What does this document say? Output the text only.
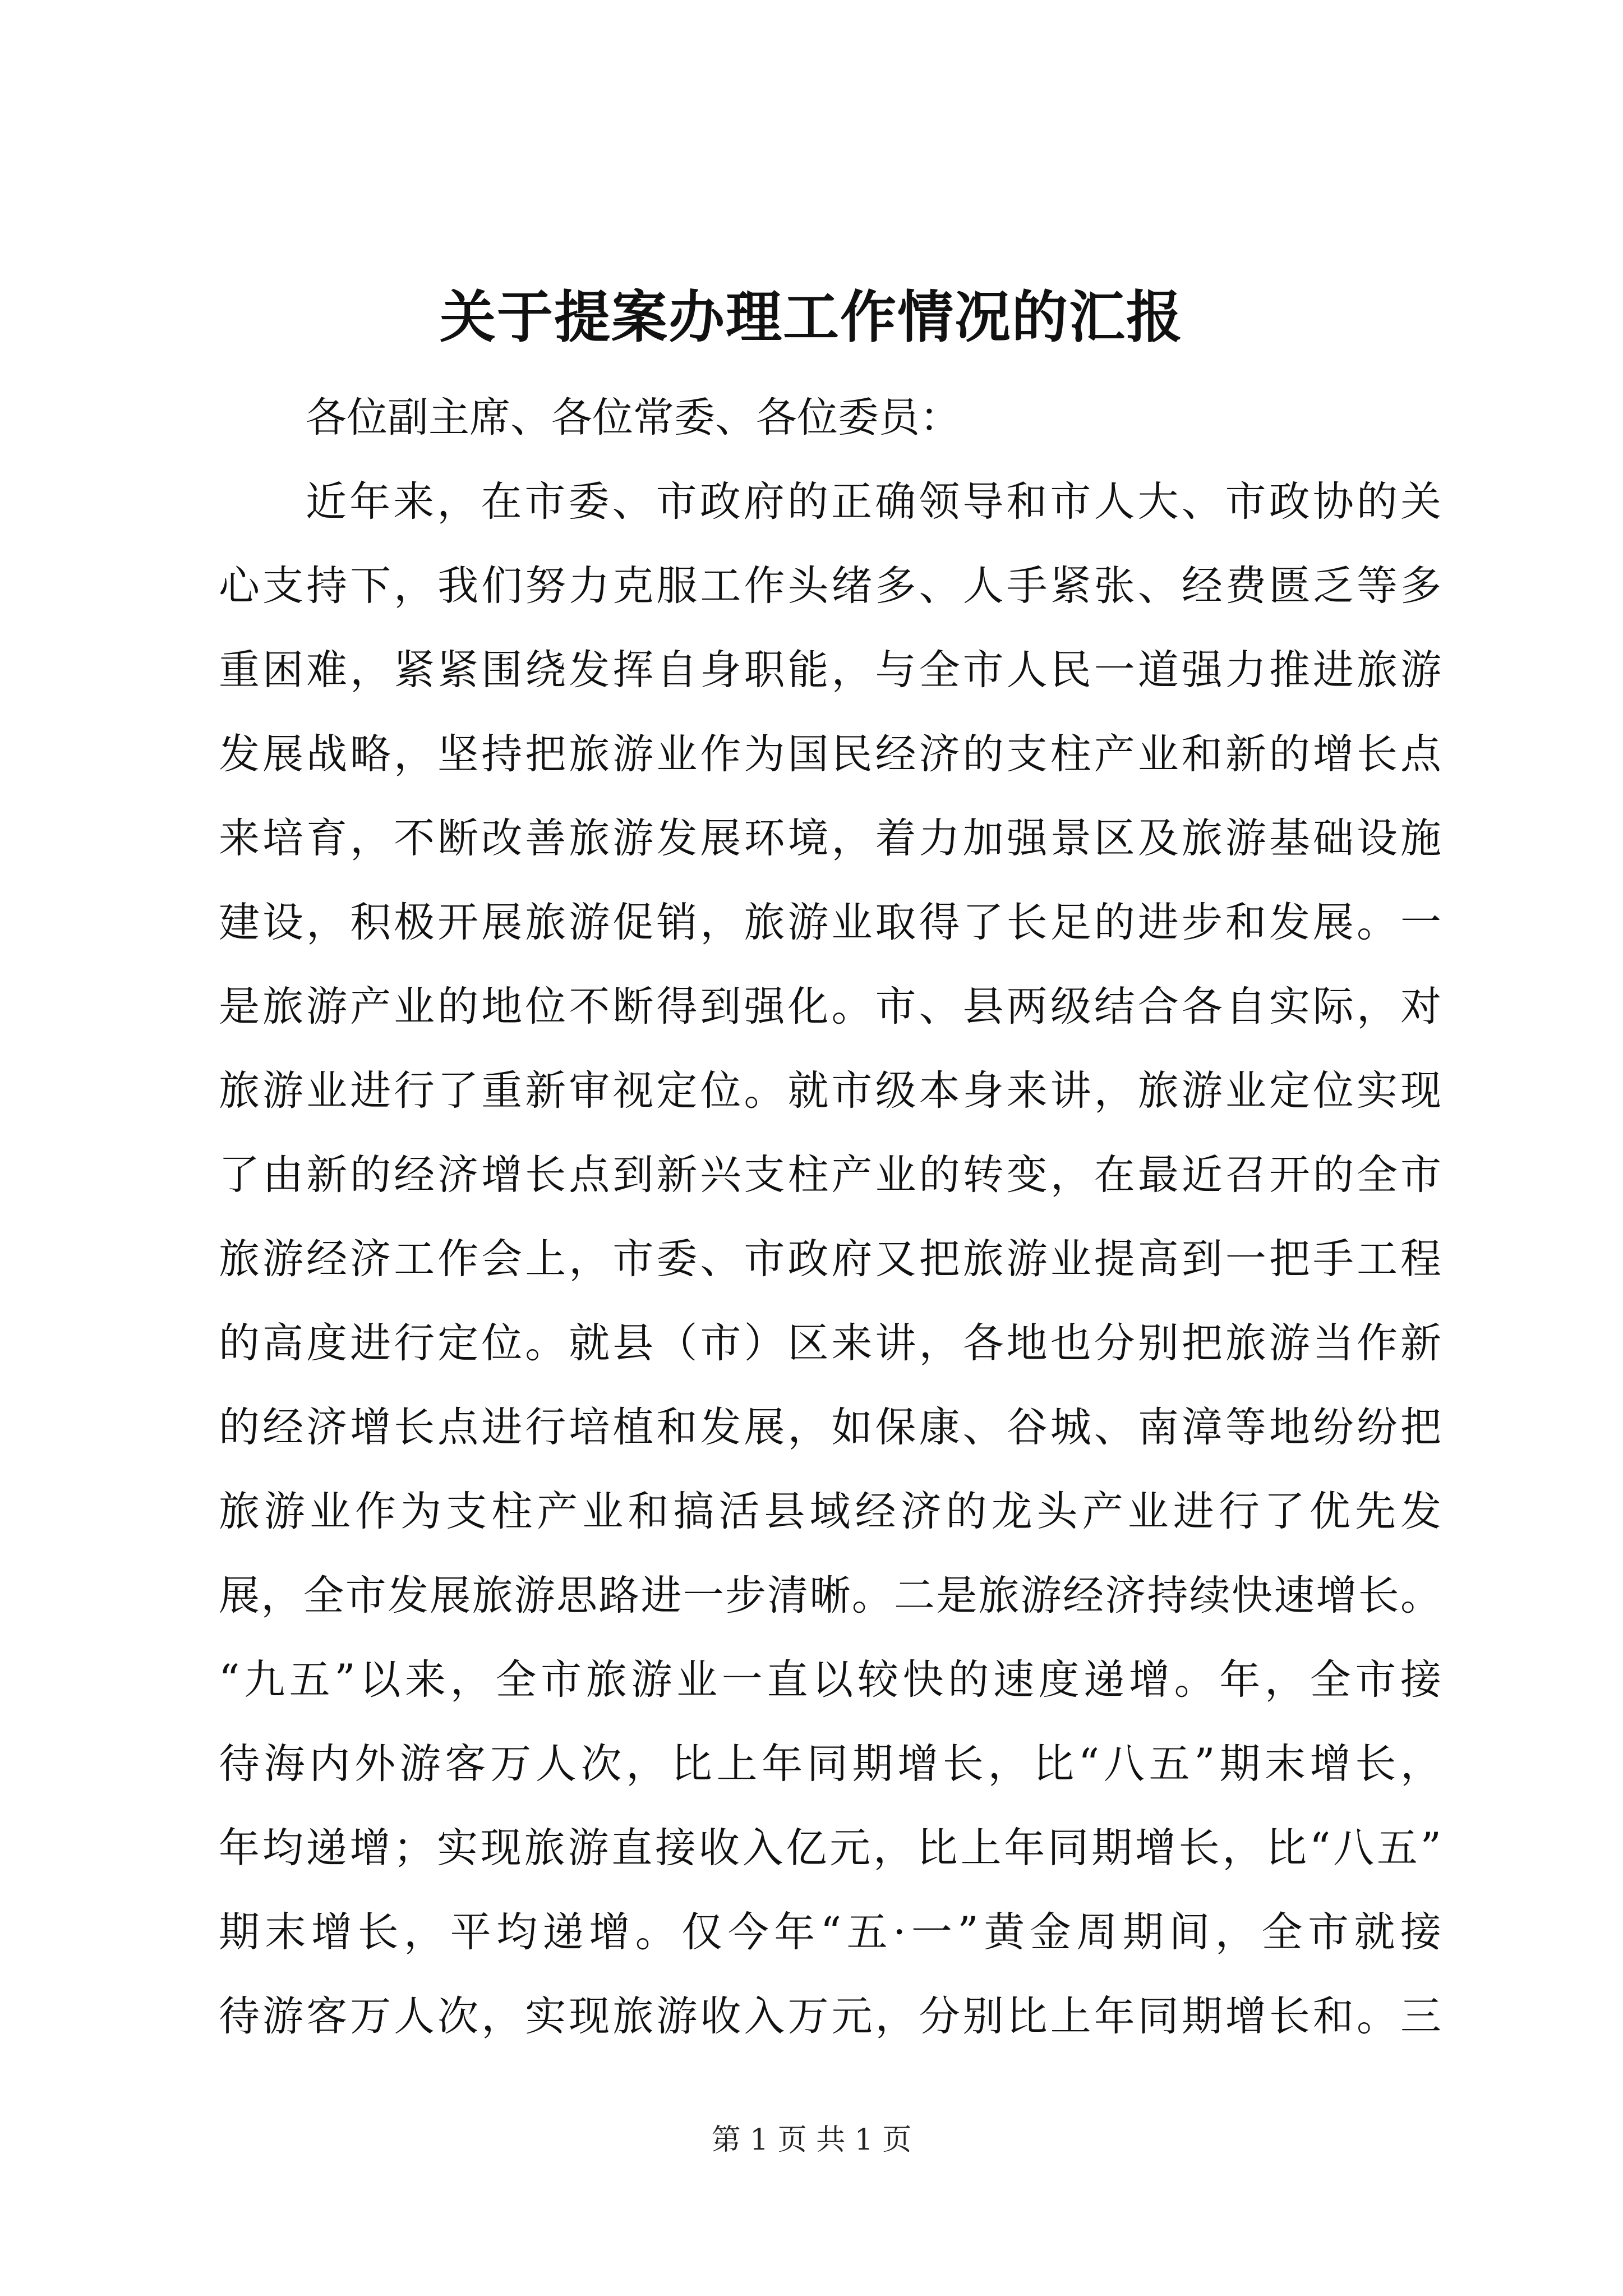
关于提案办理工作情况的汇报
各位副主席、各位常委、各位委员：
近年来，在市委、市政府的正确领导和市人大、市政协的关
心支持下，我们努力克服工作头绪多、人手紧张、经费匮乏等多
重困难，紧紧围绕发挥自身职能，与全市人民一道强力推进旅游
发展战略，坚持把旅游业作为国民经济的支柱产业和新的增长点
来培育，不断改善旅游发展环境，着力加强景区及旅游基础设施
建设，积极开展旅游促销，旅游业取得了长足的进步和发展。一
是旅游产业的地位不断得到强化。市、县两级结合各自实际，对
旅游业进行了重新审视定位。就市级本身来讲，旅游业定位实现
了由新的经济增长点到新兴支柱产业的转变，在最近召开的全市
旅游经济工作会上，市委、市政府又把旅游业提高到一把手工程
的高度进行定位。就县（市）区来讲，各地也分别把旅游当作新
的经济增长点进行培植和发展，如保康、谷城、南漳等地纷纷把
旅游业作为支柱产业和搞活县域经济的龙头产业进行了优先发
展，全市发展旅游思路进一步清晰。二是旅游经济持续快速增长。
“九五”以来，全市旅游业一直以较快的速度递增。年，全市接
待海内外游客万人次，比上年同期增长，比“八五”期末增长，
年均递增；实现旅游直接收入亿元，比上年同期增长，比“八五”
期末增长，平均递增。仅今年“五·一”黄金周期间，全市就接
待游客万人次，实现旅游收入万元，分别比上年同期增长和。三
第 1 页 共 1 页
